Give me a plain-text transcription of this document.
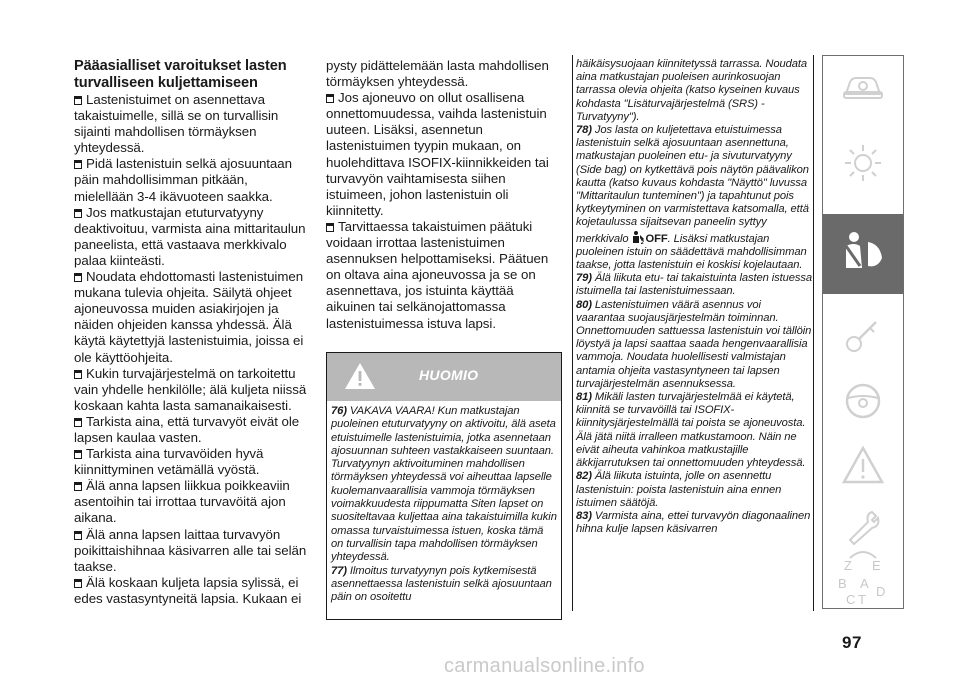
Pääasialliset varoitukset lasten turvalliseen kuljettamiseen

Lastenistuimet on asennettava takaistuimelle, sillä se on turvallisin sijainti mahdollisen törmäyksen yhteydessä.

Pidä lastenistuin selkä ajosuuntaan päin mahdollisimman pitkään, mielellään 3-4 ikävuoteen saakka.

Jos matkustajan etuturvatyyny deaktivoituu, varmista aina mittaritaulun paneelista, että vastaava merkkivalo palaa kiinteästi.

Noudata ehdottomasti lastenistuimen mukana tulevia ohjeita. Säilytä ohjeet ajoneuvossa muiden asiakirjojen ja näiden ohjeiden kanssa yhdessä. Älä käytä käytettyjä lastenistuimia, joissa ei ole käyttöohjeita.

Kukin turvajärjestelmä on tarkoitettu vain yhdelle henkilölle; älä kuljeta niissä koskaan kahta lasta samanaikaisesti.

Tarkista aina, että turvavyöt eivät ole lapsen kaulaa vasten.

Tarkista aina turvavöiden hyvä kiinnittyminen vetämällä vyöstä.

Älä anna lapsen liikkua poikkeaviin asentoihin tai irrottaa turvavöitä ajon aikana.

Älä anna lapsen laittaa turvavyön poikittaishihnaa käsivarren alle tai selän taakse.

Älä koskaan kuljeta lapsia sylissä, ei edes vastasyntyneitä lapsia. Kukaan ei

pysty pidättelemään lasta mahdollisen törmäyksen yhteydessä.

Jos ajoneuvo on ollut osallisena onnettomuudessa, vaihda lastenistuin uuteen. Lisäksi, asennetun lastenistuimen tyypin mukaan, on huolehdittava ISOFIX-kiinnikkeiden tai turvavyön vaihtamisesta siihen istuimeen, johon lastenistuin oli kiinnitetty.

Tarvittaessa takaistuimen päätuki voidaan irrottaa lastenistuimen asennuksen helpottamiseksi. Päätuen on oltava aina ajoneuvossa ja se on asennettava, jos istuinta käyttää aikuinen tai selkänojattomassa lastenistuimessa istuva lapsi.

HUOMIO

76) VAKAVA VAARA! Kun matkustajan puoleinen etuturvatyyny on aktivoitu, älä aseta etuistuimelle lastenistuimia, jotka asennetaan ajosuunnan suhteen vastakkaiseen suuntaan. Turvatyynyn aktivoituminen mahdollisen törmäyksen yhteydessä voi aiheuttaa lapselle kuolemanvaarallisia vammoja törmäyksen voimakkuudesta riippumatta Siten lapset on suositeltavaa kuljettaa aina takaistuimilla kukin omassa turvaistuimessa istuen, koska tämä on turvallisin tapa mahdollisen törmäyksen yhteydessä.

77) Ilmoitus turvatyynyn pois kytkemisestä asennettaessa lastenistuin selkä ajosuuntaan päin on osoitettu

häikäisysuojaan kiinnitetyssä tarrassa. Noudata aina matkustajan puoleisen aurinkosuojan tarrassa olevia ohjeita (katso kyseinen kuvaus kohdasta "Lisäturvajärjestelmä (SRS) - Turvatyyny").

78) Jos lasta on kuljetettava etuistuimessa lastenistuin selkä ajosuuntaan asennettuna, matkustajan puoleinen etu- ja sivuturvatyyny (Side bag) on kytkettävä pois näytön päävalikon kautta (katso kuvaus kohdasta "Näyttö" luvussa "Mittaritaulun tunteminen") ja tapahtunut pois kytkeytyminen on varmistettava katsomalla, että kojetaulussa sijaitsevan paneelin syttyy merkkivalo	2 OFF. Lisäksi matkustajan puoleinen istuin on säädettävä mahdollisimman taakse, jotta lastenistuin ei koskisi kojelautaan.

79) Älä liikuta etu- tai takaistuinta lasten istuessa istuimella tai lastenistuimessaan.

80) Lastenistuimen väärä asennus voi vaarantaa suojausjärjestelmän toiminnan. Onnettomuuden sattuessa lastenistuin voi tällöin löystyä ja lapsi saattaa saada hengenvaarallisia vammoja. Noudata huolellisesti valmistajan antamia ohjeita vastasyntyneen tai lapsen turvajärjestelmän asennuksessa.

81) Mikäli lasten turvajärjestelmää ei käytetä, kiinnitä se turvavöillä tai ISOFIX-kiinnitysjärjestelmällä tai poista se ajoneuvosta. Älä jätä niitä irralleen matkustamoon. Näin ne eivät aiheuta vahinkoa matkustajille äkkijarrutuksen tai onnettomuuden yhteydessä.

82) Älä liikuta istuinta, jolle on asennettu lastenistuin: poista lastenistuin aina ennen istuimen säätöjä.

83) Varmista aina, ettei turvavyön diagonaalinen hihna kulje lapsen käsivarren

Z E
B A
C T
D
97
carmanualsonline.info
